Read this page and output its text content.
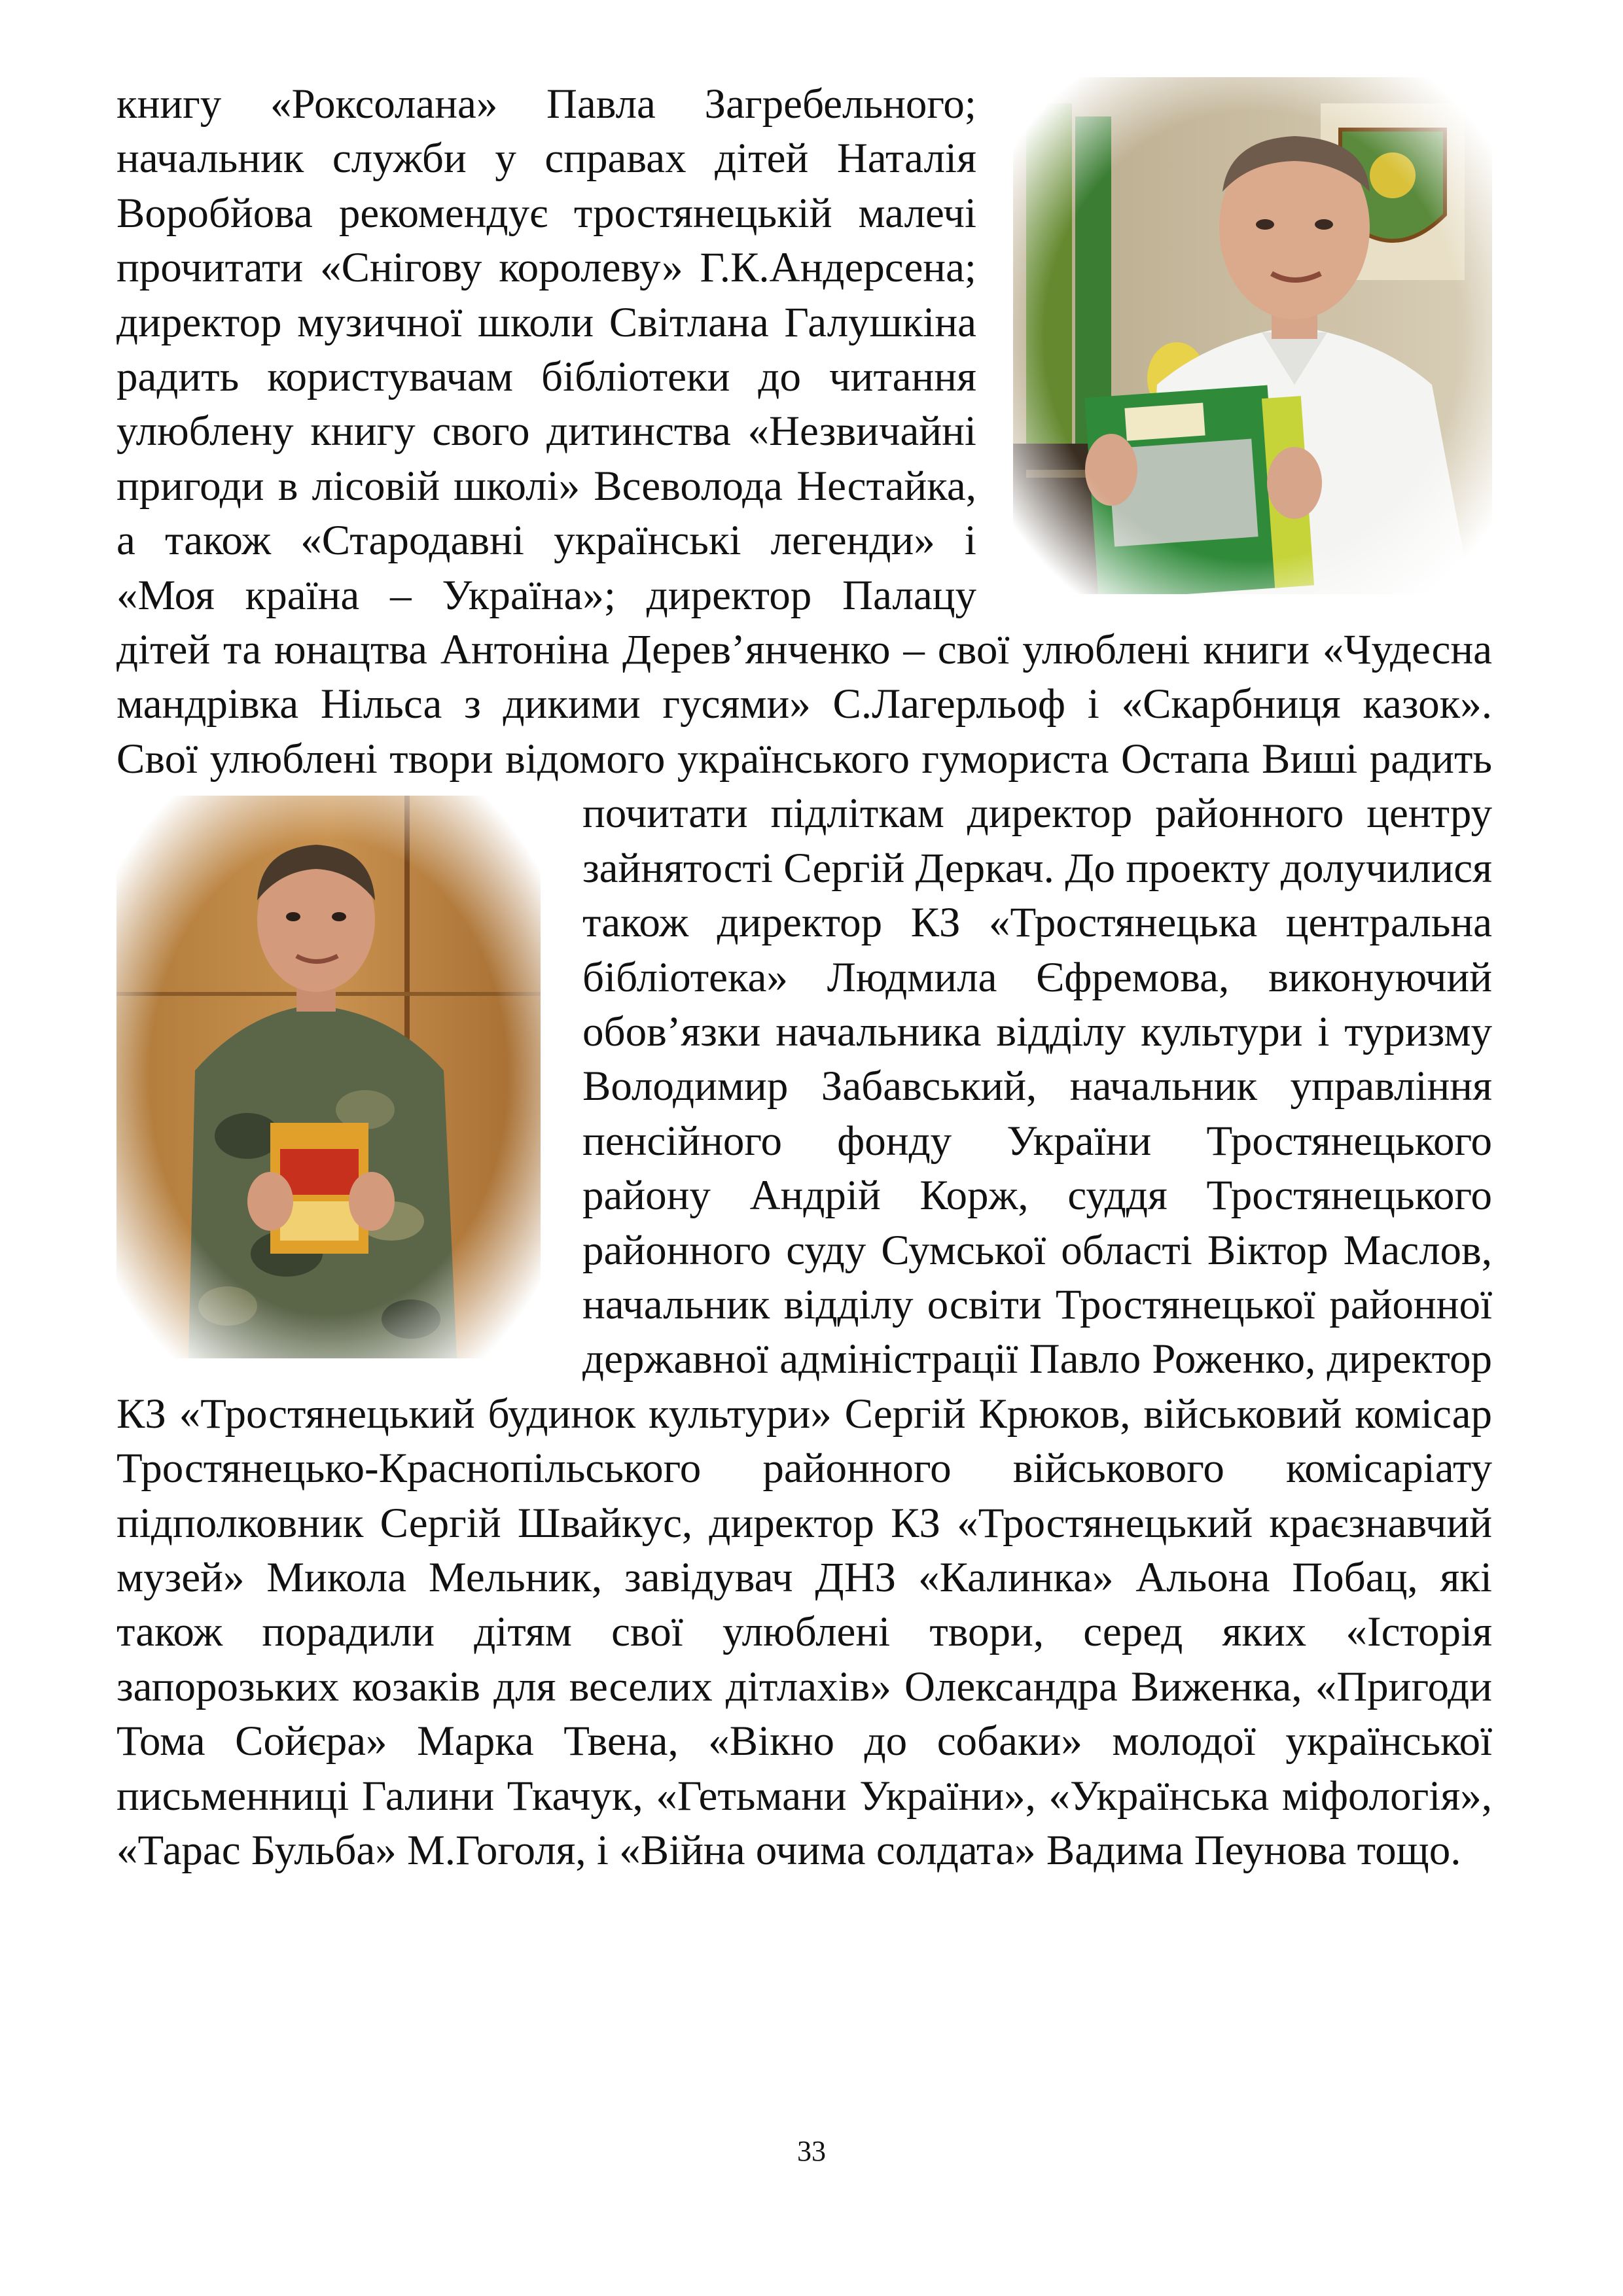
книгу «Роксолана» Павла Загребельного; начальник служби у справах дітей Наталія Воробйова рекомендує тростянецькій малечі прочитати «Снігову королеву» Г.К.Андерсена; директор музичної школи Світлана Галушкіна радить користувачам бібліотеки до читання улюблену книгу свого дитинства «Незвичайні пригоди в лісовій школі» Всеволода Нестайка, а також «Стародавні українські легенди» і «Моя країна – Україна»; директор Палацу дітей та юнацтва Антоніна Дерев’янченко – свої улюблені книги «Чудесна мандрівка Нільса з дикими гусями» С.Лагерльоф і «Скарбниця казок». Свої улюблені твори відомого українського гумориста Остапа Виші радить почитати підліткам директор
районного центру зайнятості Сергій Деркач. До проекту долучилися також директор КЗ «Тростянецька центральна бібліотека» Людмила Єфремова, виконуючий обов’язки начальника відділу культури і туризму Володимир Забавський, начальник управління пенсійного фонду України Тростянецького району Андрій Корж, суддя Тростянецького районного суду Сумської області Віктор Маслов, начальник відділу освіти Тростянецької районної державної адміністрації Павло Роженко, директор КЗ «Тростянецький будинок культури» Сергій Крюков, військовий комісар Тростянецько-Краснопільського районного військового комісаріату підполковник Сергій Швайкус, директор КЗ «Тростянецький краєзнавчий музей» Микола Мельник, завідувач ДНЗ «Калинка» Альона Побац, які також порадили дітям свої улюблені твори, серед яких «Історія запорозьких козаків для веселих дітлахів» Олександра Виженка, «Пригоди Тома Сойєра» Марка Твена, «Вікно до собаки» молодої української письменниці Галини Ткачук, «Гетьмани України», «Українська міфологія», «Тарас Бульба» М.Гоголя, і «Війна очима солдата» Вадима Пеунова тощо.

33
